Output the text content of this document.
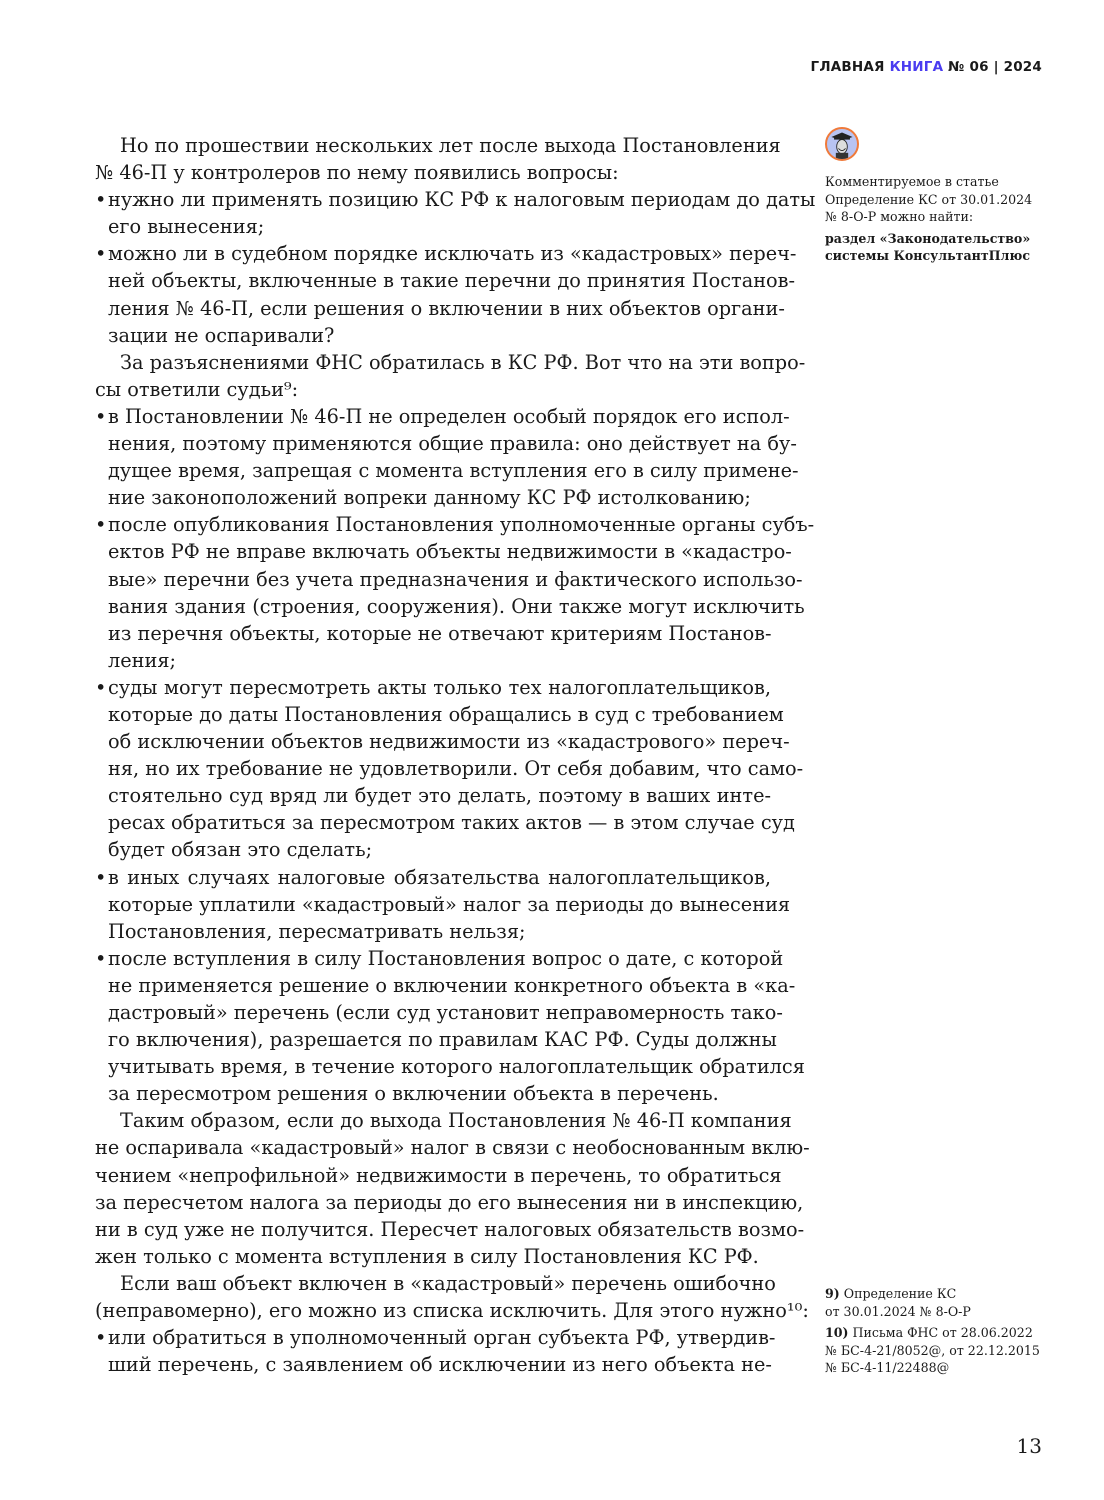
ГЛАВНАЯ КНИГА № 06 | 2024
Но по прошествии нескольких лет после выхода Постановления
№ 46-П у контролеров по нему появились вопросы:
• нужно ли применять позицию КС РФ к налоговым периодам до даты
его вынесения;
• можно ли в судебном порядке исключать из «кадастровых» переч-
ней объекты, включенные в такие перечни до принятия Постанов-
ления № 46-П, если решения о включении в них объектов органи-
зации не оспаривали?
За разъяснениями ФНС обратилась в КС РФ. Вот что на эти вопро-
сы ответили судьи⁹:
• в Постановлении № 46-П не определен особый порядок его испол-
нения, поэтому применяются общие правила: оно действует на бу-
дущее время, запрещая с момента вступления его в силу примене-
ние законоположений вопреки данному КС РФ истолкованию;
• после опубликования Постановления уполномоченные органы субъ-
ектов РФ не вправе включать объекты недвижимости в «кадастро-
вые» перечни без учета предназначения и фактического использо-
вания здания (строения, сооружения). Они также могут исключить
из перечня объекты, которые не отвечают критериям Постанов-
ления;
• суды могут пересмотреть акты только тех налогоплательщиков,
которые до даты Постановления обращались в суд с требованием
об исключении объектов недвижимости из «кадастрового» переч-
ня, но их требование не удовлетворили. От себя добавим, что само-
стоятельно суд вряд ли будет это делать, поэтому в ваших инте-
ресах обратиться за пересмотром таких актов — в этом случае суд
будет обязан это сделать;
• в иных случаях налоговые обязательства налогоплательщиков,
которые уплатили «кадастровый» налог за периоды до вынесения
Постановления, пересматривать нельзя;
• после вступления в силу Постановления вопрос о дате, с которой
не применяется решение о включении конкретного объекта в «ка-
дастровый» перечень (если суд установит неправомерность тако-
го включения), разрешается по правилам КАС РФ. Суды должны
учитывать время, в течение которого налогоплательщик обратился
за пересмотром решения о включении объекта в перечень.
Таким образом, если до выхода Постановления № 46-П компания
не оспаривала «кадастровый» налог в связи с необоснованным вклю-
чением «непрофильной» недвижимости в перечень, то обратиться
за пересчетом налога за периоды до его вынесения ни в инспекцию,
ни в суд уже не получится. Пересчет налоговых обязательств возмо-
жен только с момента вступления в силу Постановления КС РФ.
Если ваш объект включен в «кадастровый» перечень ошибочно
(неправомерно), его можно из списка исключить. Для этого нужно¹⁰:
• или обратиться в уполномоченный орган субъекта РФ, утвердив-
ший перечень, с заявлением об исключении из него объекта не-
Комментируемое в статье
Определение КС от 30.01.2024
№ 8-О-Р можно найти:
раздел «Законодательство»
системы КонсультантПлюс
9) Определение КС
от 30.01.2024 № 8-О-Р
10) Письма ФНС от 28.06.2022
№ БС-4-21/8052@, от 22.12.2015
№ БС-4-11/22488@
13
